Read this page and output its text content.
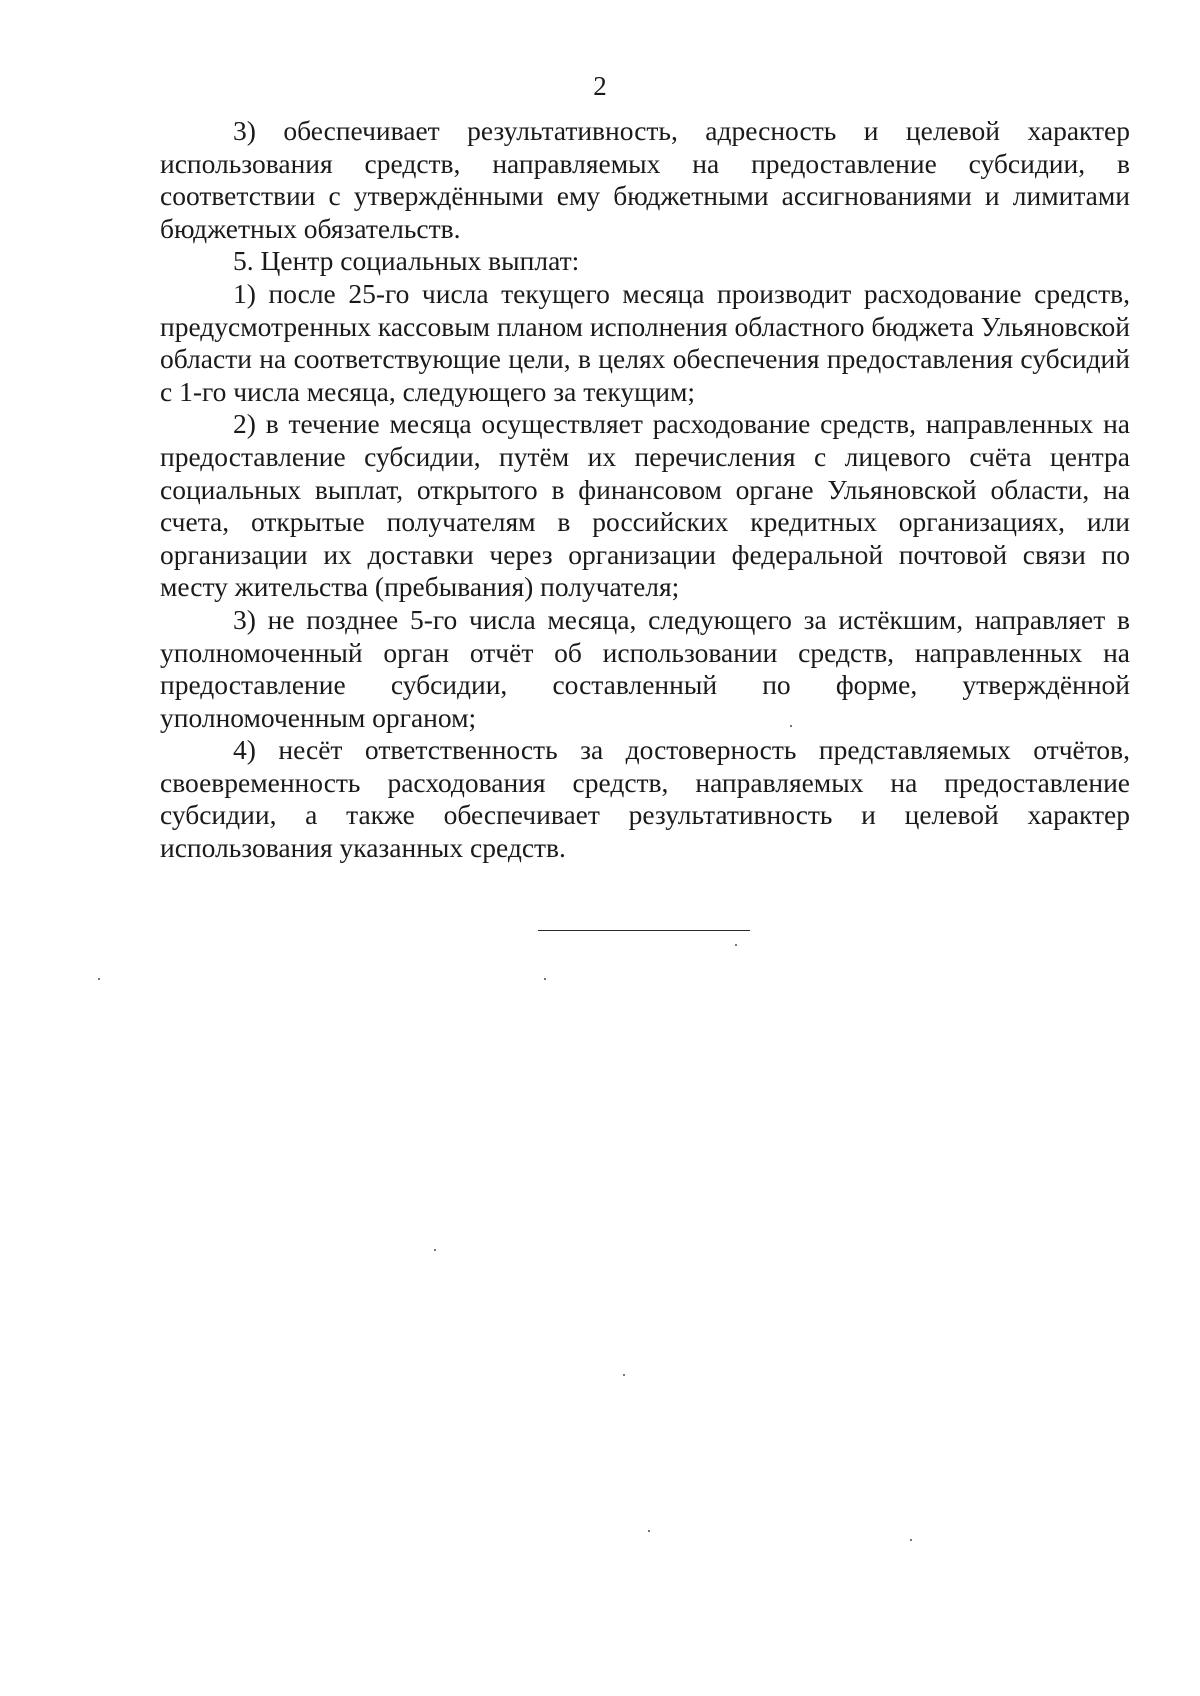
2

3) обеспечивает результативность, адресность и целевой характер использования средств, направляемых на предоставление субсидии, в соответствии с утверждёнными ему бюджетными ассигнованиями и лимитами бюджетных обязательств.

5. Центр социальных выплат:

1) после 25-го числа текущего месяца производит расходование средств, предусмотренных кассовым планом исполнения областного бюджета Ульяновской области на соответствующие цели, в целях обеспечения предоставления субсидий с 1-го числа месяца, следующего за текущим;

2) в течение месяца осуществляет расходование средств, направленных на предоставление субсидии, путём их перечисления с лицевого счёта центра социальных выплат, открытого в финансовом органе Ульяновской области, на счета, открытые получателям в российских кредитных организациях, или организации их доставки через организации федеральной почтовой связи по месту жительства (пребывания) получателя;

3) не позднее 5-го числа месяца, следующего за истёкшим, направляет в уполномоченный орган отчёт об использовании средств, направленных на предоставление субсидии, составленный по форме, утверждённой уполномоченным органом;

4) несёт ответственность за достоверность представляемых отчётов, своевременность расходования средств, направляемых на предоставление субсидии, а также обеспечивает результативность и целевой характер использования указанных средств.
